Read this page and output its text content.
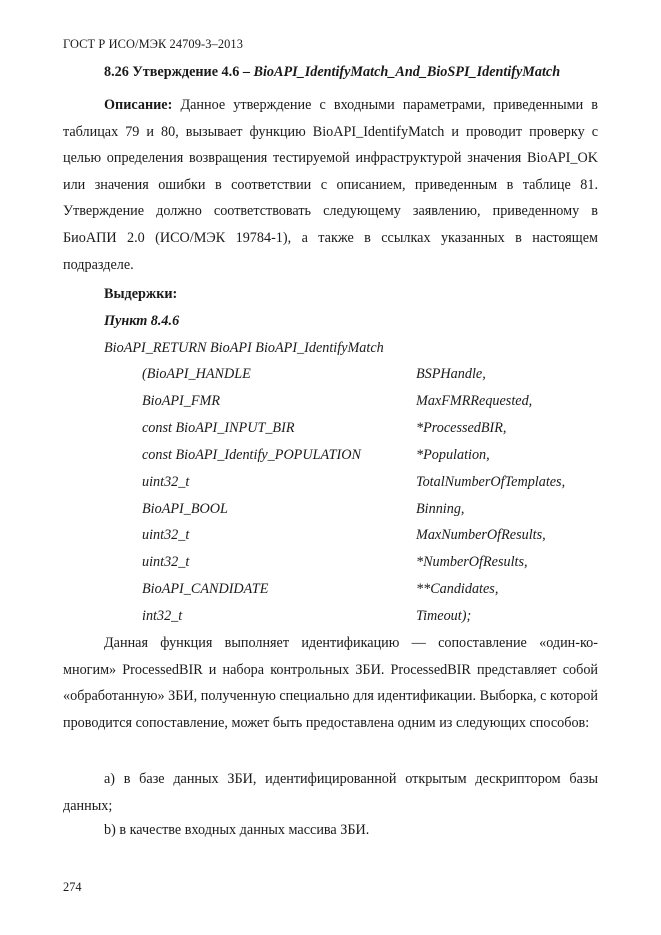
ГОСТ Р ИСО/МЭК 24709-3–2013
8.26 Утверждение 4.6 – BioAPI_IdentifyMatch_And_BioSPI_IdentifyMatch
Описание: Данное утверждение с входными параметрами, приведенными в таблицах 79 и 80, вызывает функцию BioAPI_IdentifyMatch и проводит проверку с целью определения возвращения тестируемой инфраструктурой значения BioAPI_OK или значения ошибки в соответствии с описанием, приведенным в таблице 81. Утверждение должно соответствовать следующему заявлению, приведенному в БиоАПИ 2.0 (ИСО/МЭК 19784-1), а также в ссылках указанных в настоящем подразделе.
Выдержки:
Пункт 8.4.6
BioAPI_RETURN BioAPI BioAPI_IdentifyMatch
(BioAPI_HANDLE	BSPHandle,
BioAPI_FMR	MaxFMRRequested,
const BioAPI_INPUT_BIR	*ProcessedBIR,
const BioAPI_Identify_POPULATION	*Population,
uint32_t	TotalNumberOfTemplates,
BioAPI_BOOL	Binning,
uint32_t	MaxNumberOfResults,
uint32_t	*NumberOfResults,
BioAPI_CANDIDATE	**Candidates,
int32_t	Timeout);
Данная функция выполняет идентификацию — сопоставление «один-ко-многим» ProcessedBIR и набора контрольных ЗБИ. ProcessedBIR представляет собой «обработанную» ЗБИ, полученную специально для идентификации. Выборка, с которой проводится сопоставление, может быть предоставлена одним из следующих способов:
a) в базе данных ЗБИ, идентифицированной открытым дескриптором базы данных;
b) в качестве входных данных массива ЗБИ.
274
